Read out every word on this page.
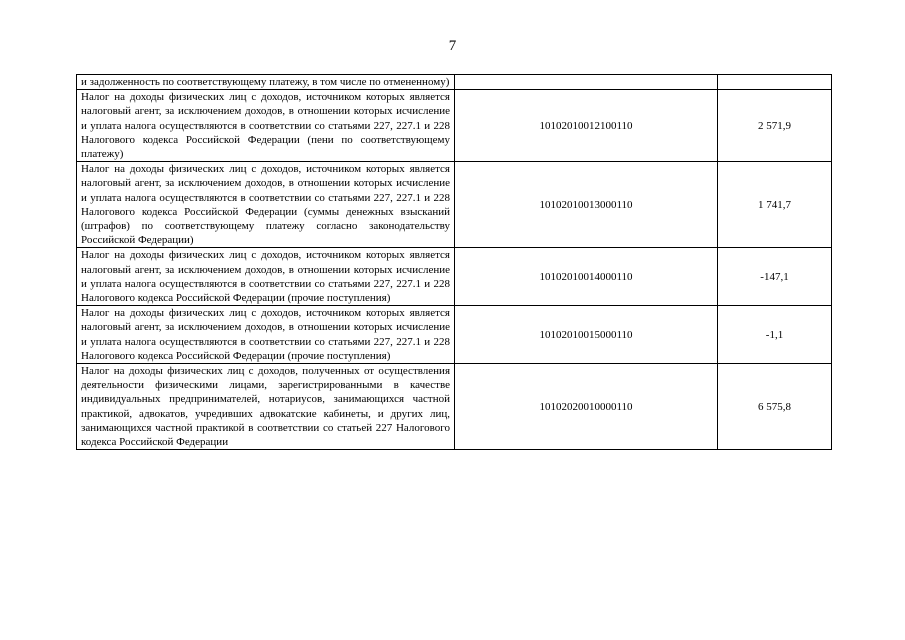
7
и задолженность по соответствующему платежу, в том числе по отмененному)		
Налог на доходы физических лиц с доходов, источником которых является налоговый агент, за исключением доходов, в отношении которых исчисление и уплата налога осуществляются в соответствии со статьями 227, 227.1 и 228 Налогового кодекса Российской Федерации (пени по соответствующему платежу)	10102010012100110	2 571,9
Налог на доходы физических лиц с доходов, источником которых является налоговый агент, за исключением доходов, в отношении которых исчисление и уплата налога осуществляются в соответствии со статьями 227, 227.1 и 228 Налогового кодекса Российской Федерации (суммы денежных взысканий (штрафов) по соответствующему платежу согласно законодательству Российской Федерации)	10102010013000110	1 741,7
Налог на доходы физических лиц с доходов, источником которых является налоговый агент, за исключением доходов, в отношении которых исчисление и уплата налога осуществляются в соответствии со статьями 227, 227.1 и 228 Налогового кодекса Российской Федерации (прочие поступления)	10102010014000110	-147,1
Налог на доходы физических лиц с доходов, источником которых является налоговый агент, за исключением доходов, в отношении которых исчисление и уплата налога осуществляются в соответствии со статьями 227, 227.1 и 228 Налогового кодекса Российской Федерации (прочие поступления)	10102010015000110	-1,1
Налог на доходы физических лиц с доходов, полученных от осуществления деятельности физическими лицами, зарегистрированными в качестве индивидуальных предпринимателей, нотариусов, занимающихся частной практикой, адвокатов, учредивших адвокатские кабинеты, и других лиц, занимающихся частной практикой в соответствии со статьей 227 Налогового кодекса Российской Федерации	10102020010000110	6 575,8
